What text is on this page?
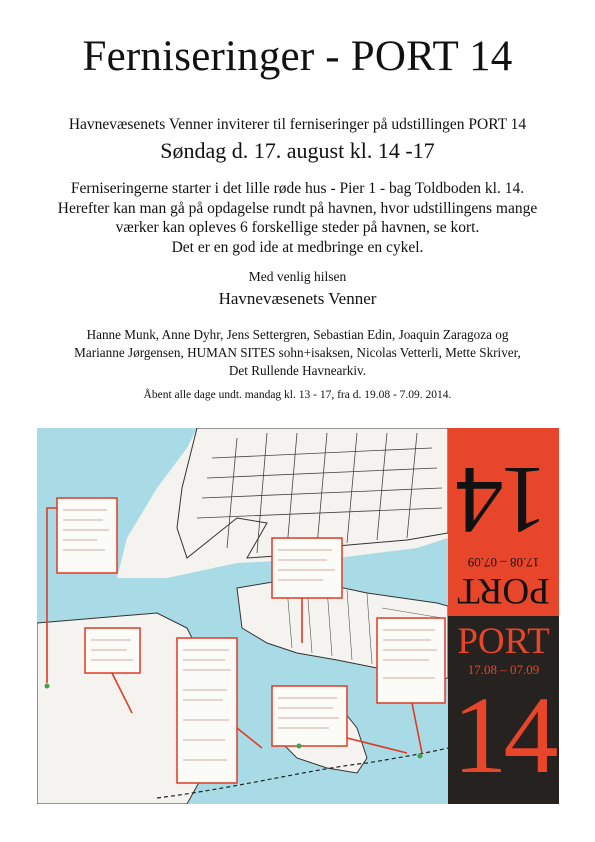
Ferniseringer - PORT 14
Havnevæsenets Venner inviterer til ferniseringer på udstillingen PORT 14
Søndag d. 17. august kl. 14 -17
Ferniseringerne starter i det lille røde hus - Pier 1 - bag Toldboden kl. 14.
Herefter kan man gå på opdagelse rundt på havnen, hvor udstillingens mange
værker kan opleves 6 forskellige steder på havnen, se kort.
Det er en god ide at medbringe en cykel.
Med venlig hilsen
Havnevæsenets Venner
Hanne Munk, Anne Dyhr, Jens Settergren, Sebastian Edin, Joaquin Zaragoza og
Marianne Jørgensen, HUMAN SITES sohn+isaksen, Nicolas Vetterli, Mette Skriver,
Det Rullende Havnearkiv.
Åbent alle dage undt. mandag kl. 13 - 17, fra d. 19.08 - 7.09. 2014.
PORT
17.08 – 07.09
14
PORT
17.08 – 07.09
14
